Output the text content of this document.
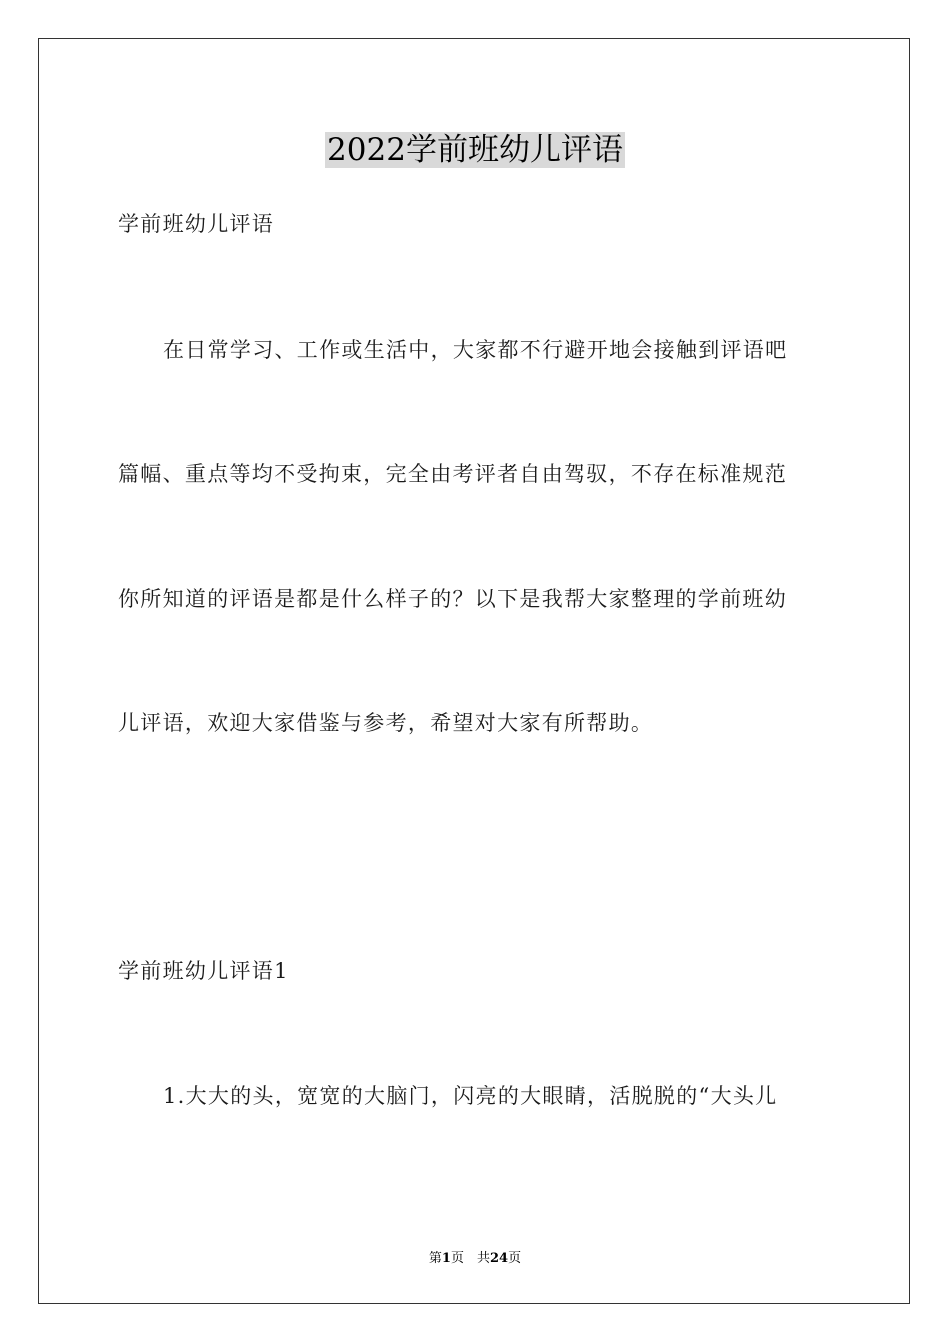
2022学前班幼儿评语
学前班幼儿评语
在日常学习、工作或生活中，大家都不行避开地会接触到评语吧
篇幅、重点等均不受拘束，完全由考评者自由驾驭，不存在标准规范
你所知道的评语是都是什么样子的？以下是我帮大家整理的学前班幼
儿评语，欢迎大家借鉴与参考，希望对大家有所帮助。
学前班幼儿评语1
1.大大的头，宽宽的大脑门，闪亮的大眼睛，活脱脱的“大头儿
第1页　共24页
